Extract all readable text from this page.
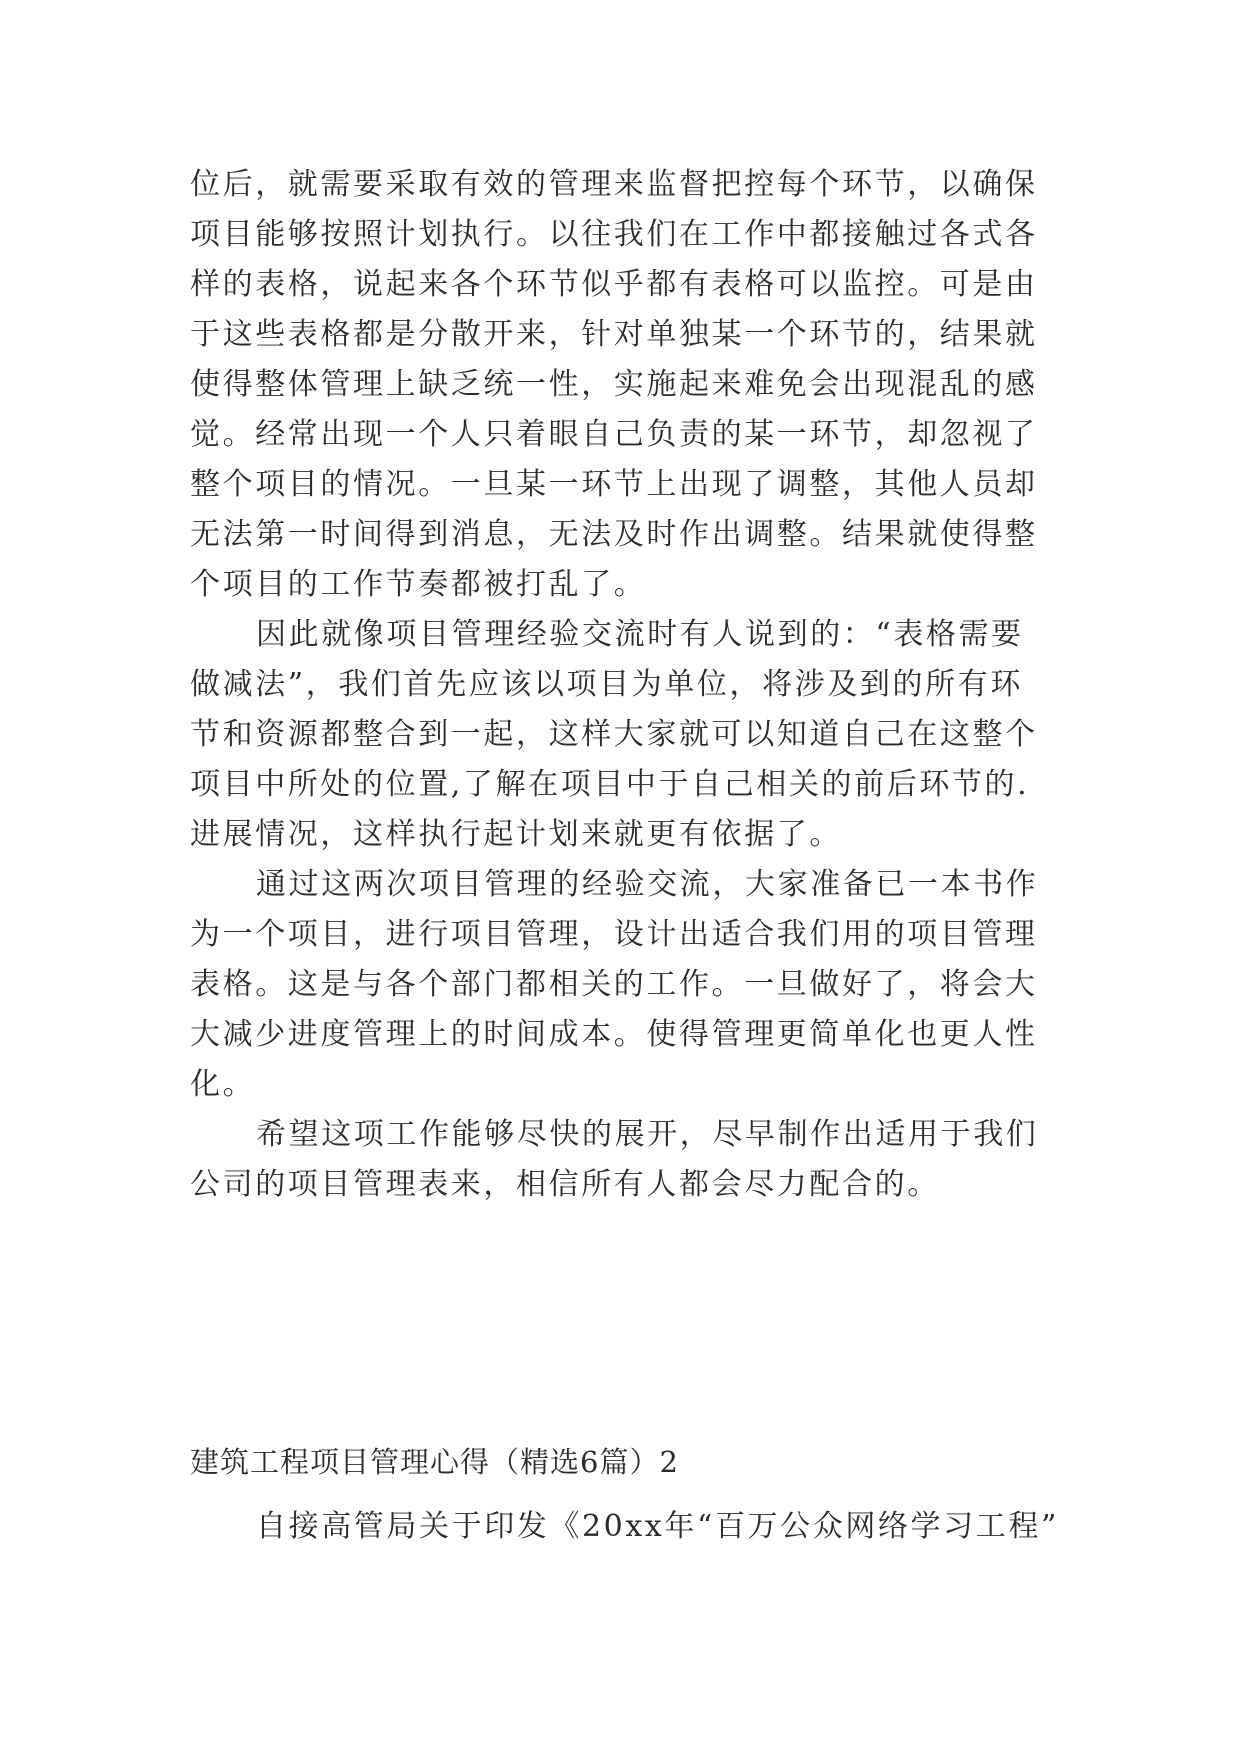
位后，就需要采取有效的管理来监督把控每个环节，以确保
项目能够按照计划执行。以往我们在工作中都接触过各式各
样的表格，说起来各个环节似乎都有表格可以监控。可是由
于这些表格都是分散开来，针对单独某一个环节的，结果就
使得整体管理上缺乏统一性，实施起来难免会出现混乱的感
觉。经常出现一个人只着眼自己负责的某一环节，却忽视了
整个项目的情况。一旦某一环节上出现了调整，其他人员却
无法第一时间得到消息，无法及时作出调整。结果就使得整
个项目的工作节奏都被打乱了。
因此就像项目管理经验交流时有人说到的：“表格需要
做减法”，我们首先应该以项目为单位，将涉及到的所有环
节和资源都整合到一起，这样大家就可以知道自己在这整个
项目中所处的位置,了解在项目中于自己相关的前后环节的.
进展情况，这样执行起计划来就更有依据了。
通过这两次项目管理的经验交流，大家准备已一本书作
为一个项目，进行项目管理，设计出适合我们用的项目管理
表格。这是与各个部门都相关的工作。一旦做好了，将会大
大减少进度管理上的时间成本。使得管理更简单化也更人性
化。
希望这项工作能够尽快的展开，尽早制作出适用于我们
公司的项目管理表来，相信所有人都会尽力配合的。
建筑工程项目管理心得（精选6篇）2
自接高管局关于印发《20xx年“百万公众网络学习工程”
